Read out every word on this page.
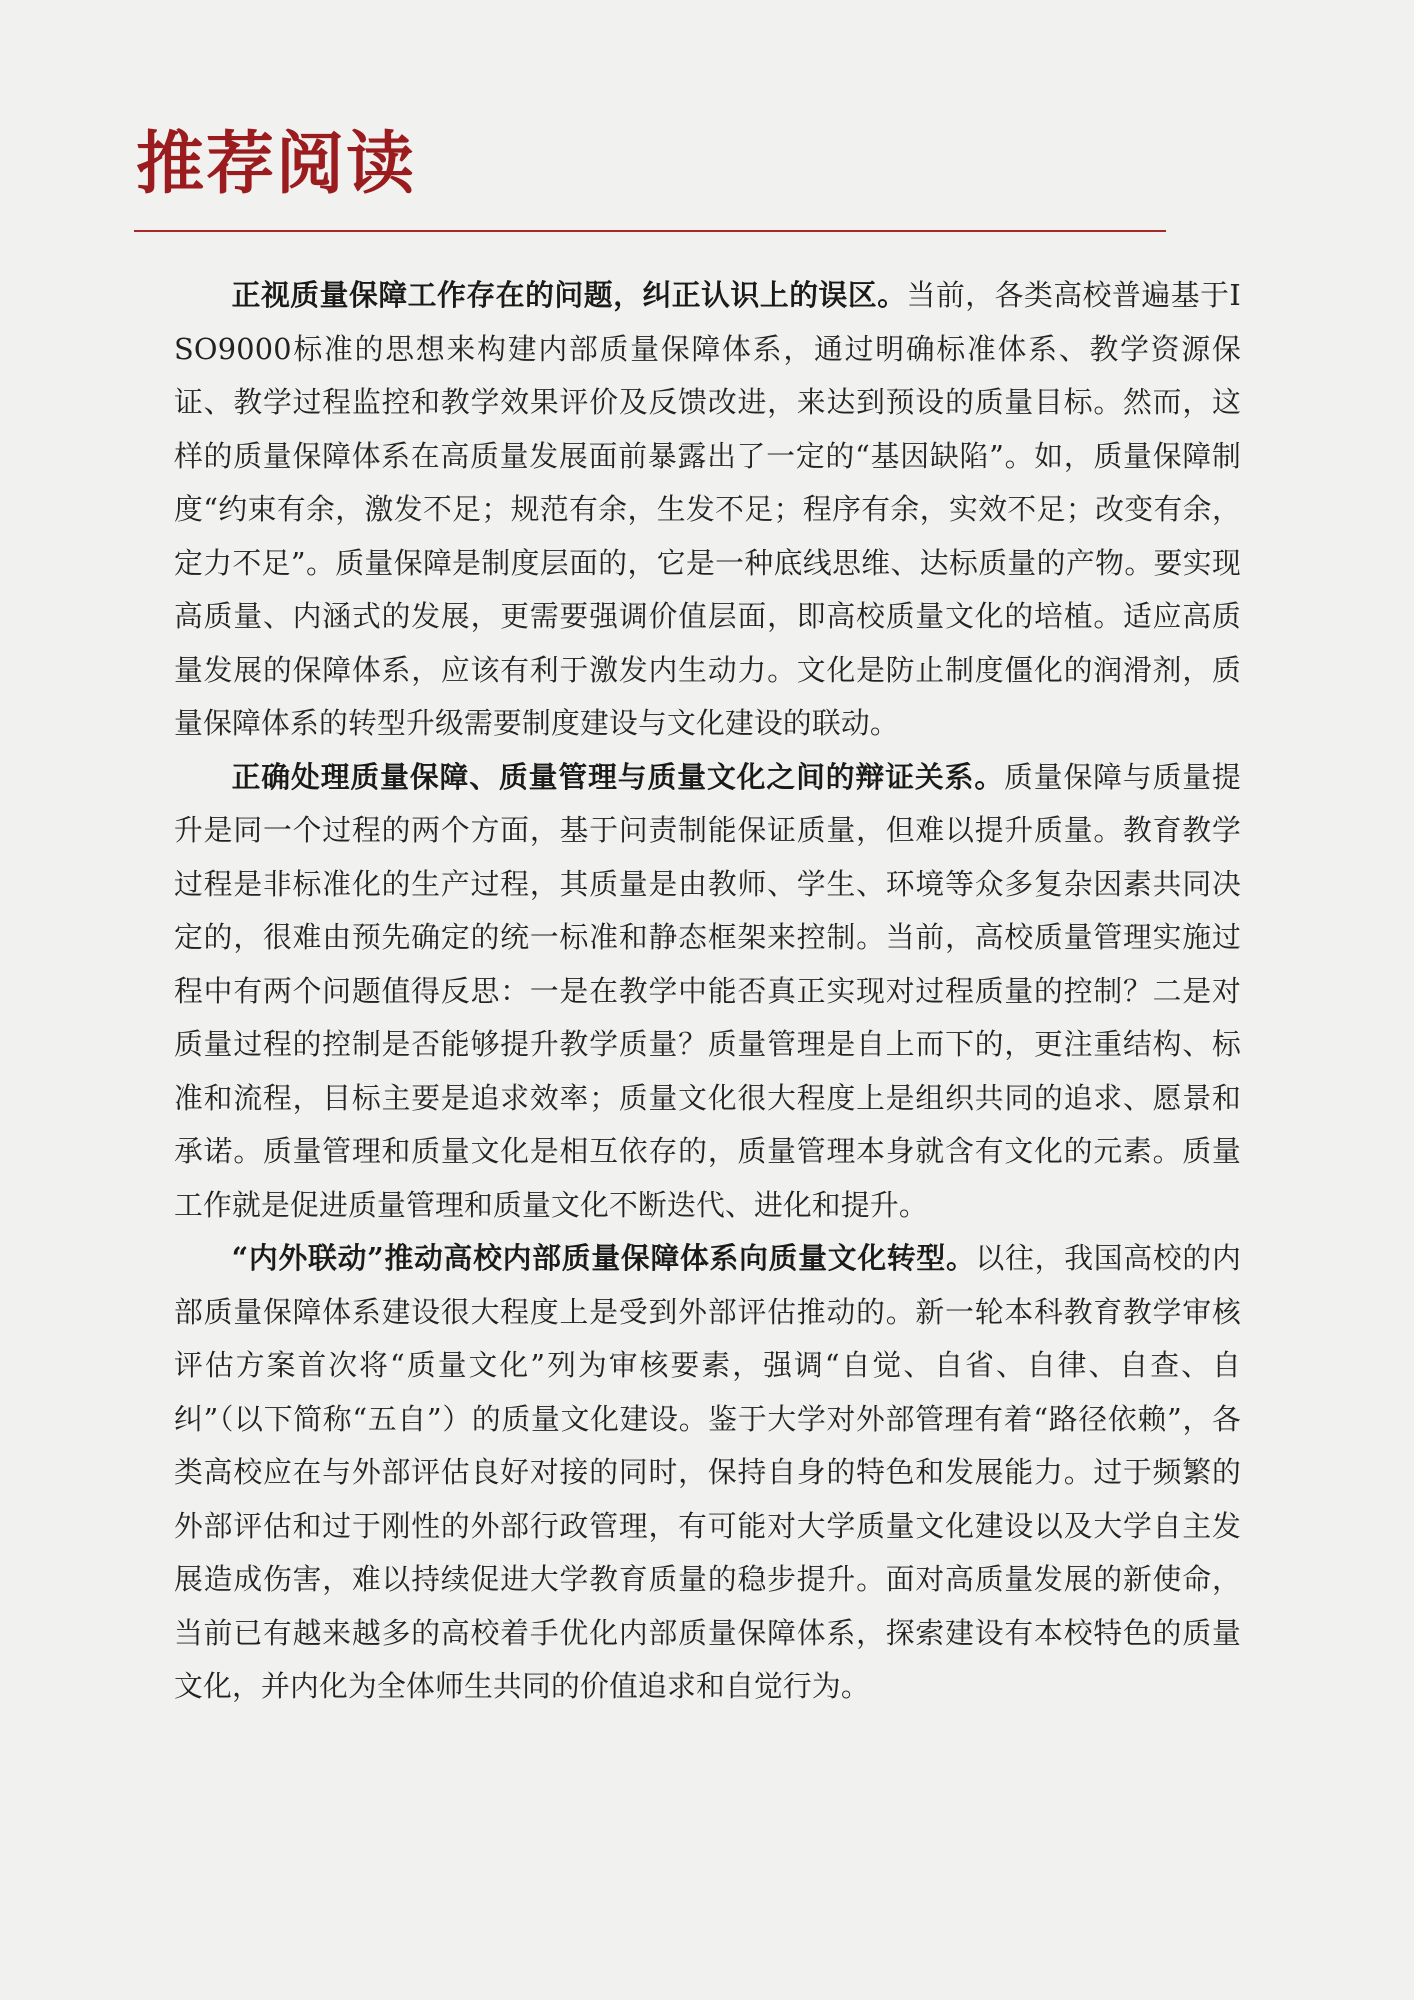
推荐阅读

正视质量保障工作存在的问题，纠正认识上的误区。当前，各类高校普遍基于ISO9000标准的思想来构建内部质量保障体系，通过明确标准体系、教学资源保证、教学过程监控和教学效果评价及反馈改进，来达到预设的质量目标。然而，这样的质量保障体系在高质量发展面前暴露出了一定的“基因缺陷”。如，质量保障制度“约束有余，激发不足；规范有余，生发不足；程序有余，实效不足；改变有余，定力不足”。质量保障是制度层面的，它是一种底线思维、达标质量的产物。要实现高质量、内涵式的发展，更需要强调价值层面，即高校质量文化的培植。适应高质量发展的保障体系，应该有利于激发内生动力。文化是防止制度僵化的润滑剂，质量保障体系的转型升级需要制度建设与文化建设的联动。

正确处理质量保障、质量管理与质量文化之间的辩证关系。质量保障与质量提升是同一个过程的两个方面，基于问责制能保证质量，但难以提升质量。教育教学过程是非标准化的生产过程，其质量是由教师、学生、环境等众多复杂因素共同决定的，很难由预先确定的统一标准和静态框架来控制。当前，高校质量管理实施过程中有两个问题值得反思：一是在教学中能否真正实现对过程质量的控制？二是对质量过程的控制是否能够提升教学质量？质量管理是自上而下的，更注重结构、标准和流程，目标主要是追求效率；质量文化很大程度上是组织共同的追求、愿景和承诺。质量管理和质量文化是相互依存的，质量管理本身就含有文化的元素。质量工作就是促进质量管理和质量文化不断迭代、进化和提升。

“内外联动”推动高校内部质量保障体系向质量文化转型。以往，我国高校的内部质量保障体系建设很大程度上是受到外部评估推动的。新一轮本科教育教学审核评估方案首次将“质量文化”列为审核要素，强调“自觉、自省、自律、自查、自纠”（以下简称“五自”）的质量文化建设。鉴于大学对外部管理有着“路径依赖”，各类高校应在与外部评估良好对接的同时，保持自身的特色和发展能力。过于频繁的外部评估和过于刚性的外部行政管理，有可能对大学质量文化建设以及大学自主发展造成伤害，难以持续促进大学教育质量的稳步提升。面对高质量发展的新使命，当前已有越来越多的高校着手优化内部质量保障体系，探索建设有本校特色的质量文化，并内化为全体师生共同的价值追求和自觉行为。
